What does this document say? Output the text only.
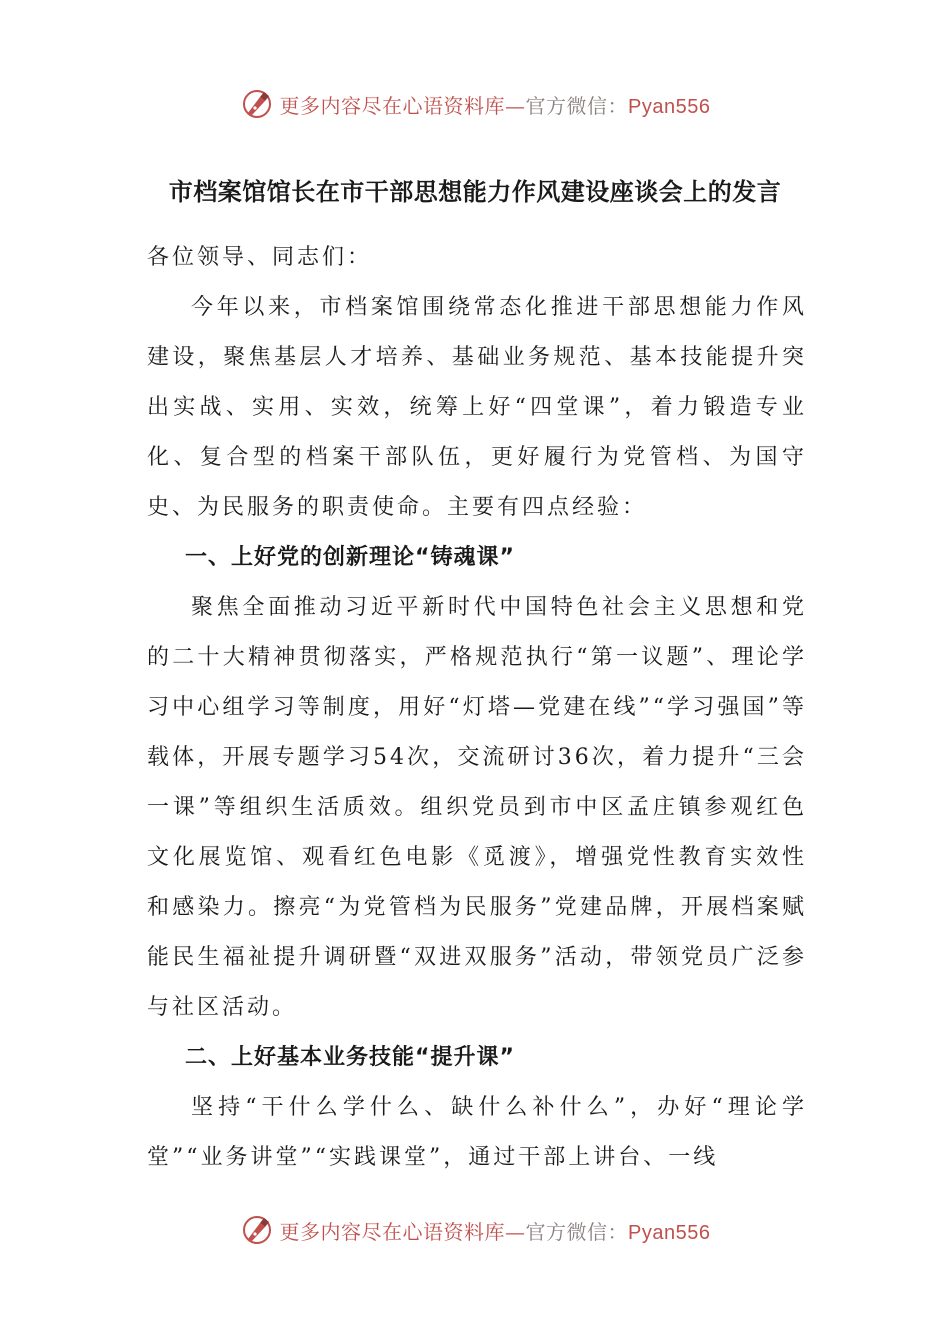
更多内容尽在心语资料库—官方微信：Pyan556
市档案馆馆长在市干部思想能力作风建设座谈会上的发言

各位领导、同志们：

今年以来，市档案馆围绕常态化推进干部思想能力作风建设，聚焦基层人才培养、基础业务规范、基本技能提升突出实战、实用、实效，统筹上好“四堂课”，着力锻造专业化、复合型的档案干部队伍，更好履行为党管档、为国守史、为民服务的职责使命。主要有四点经验：

一、上好党的创新理论“铸魂课”

聚焦全面推动习近平新时代中国特色社会主义思想和党的二十大精神贯彻落实，严格规范执行“第一议题”、理论学习中心组学习等制度，用好“灯塔—党建在线”“学习强国”等载体，开展专题学习54次，交流研讨36次，着力提升“三会一课”等组织生活质效。组织党员到市中区孟庄镇参观红色文化展览馆、观看红色电影《觅渡》，增强党性教育实效性和感染力。擦亮“为党管档为民服务”党建品牌，开展档案赋能民生福祉提升调研暨“双进双服务”活动，带领党员广泛参与社区活动。

二、上好基本业务技能“提升课”

坚持“干什么学什么、缺什么补什么”，办好“理论学堂”“业务讲堂”“实践课堂”，通过干部上讲台、一线

更多内容尽在心语资料库—官方微信：Pyan556
